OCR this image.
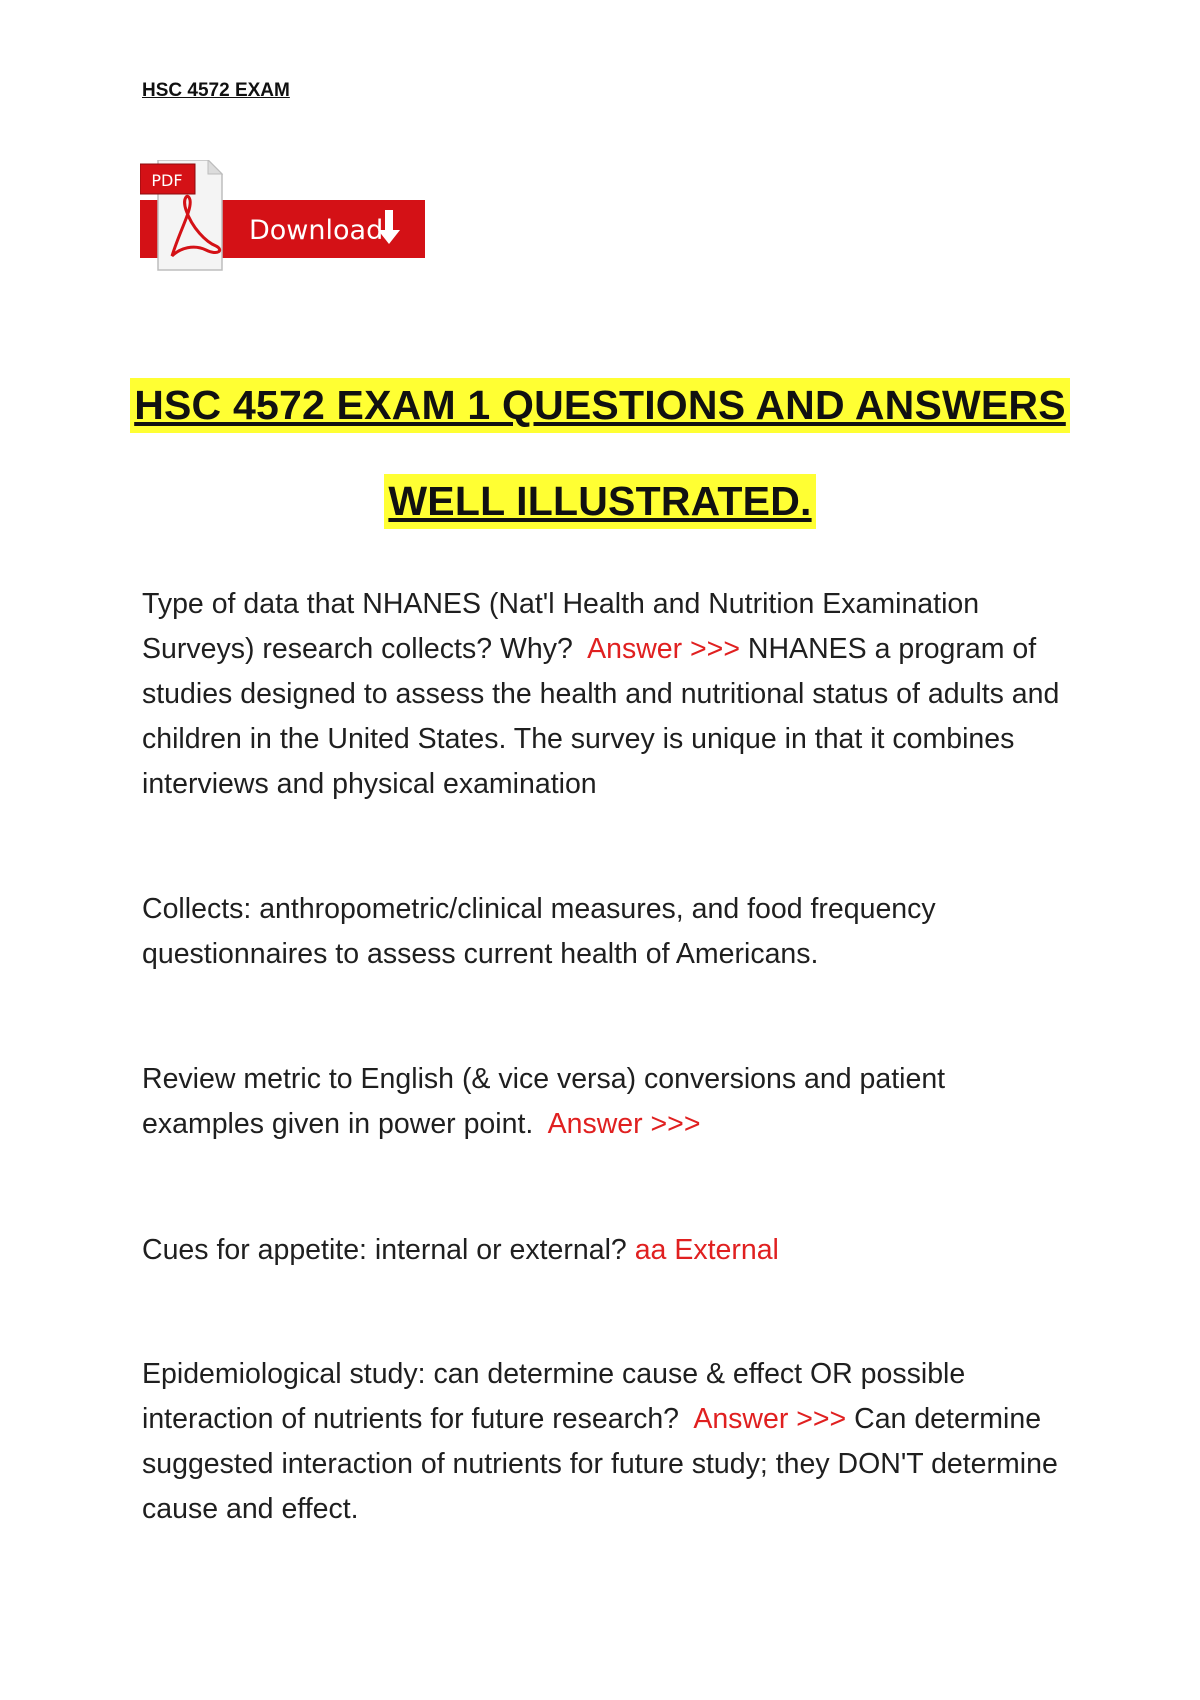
HSC 4572 EXAM
PDF
Download
HSC 4572 EXAM 1 QUESTIONS AND ANSWERS
WELL ILLUSTRATED.
Type of data that NHANES (Nat'l Health and Nutrition Examination Surveys) research collects? Why? Answer >>> NHANES a program of studies designed to assess the health and nutritional status of adults and children in the United States. The survey is unique in that it combines interviews and physical examination
Collects: anthropometric/clinical measures, and food frequency questionnaires to assess current health of Americans.
Review metric to English (& vice versa) conversions and patient examples given in power point. Answer >>>
Cues for appetite: internal or external? aa External
Epidemiological study: can determine cause & effect OR possible interaction of nutrients for future research? Answer >>> Can determine suggested interaction of nutrients for future study; they DON'T determine cause and effect.
